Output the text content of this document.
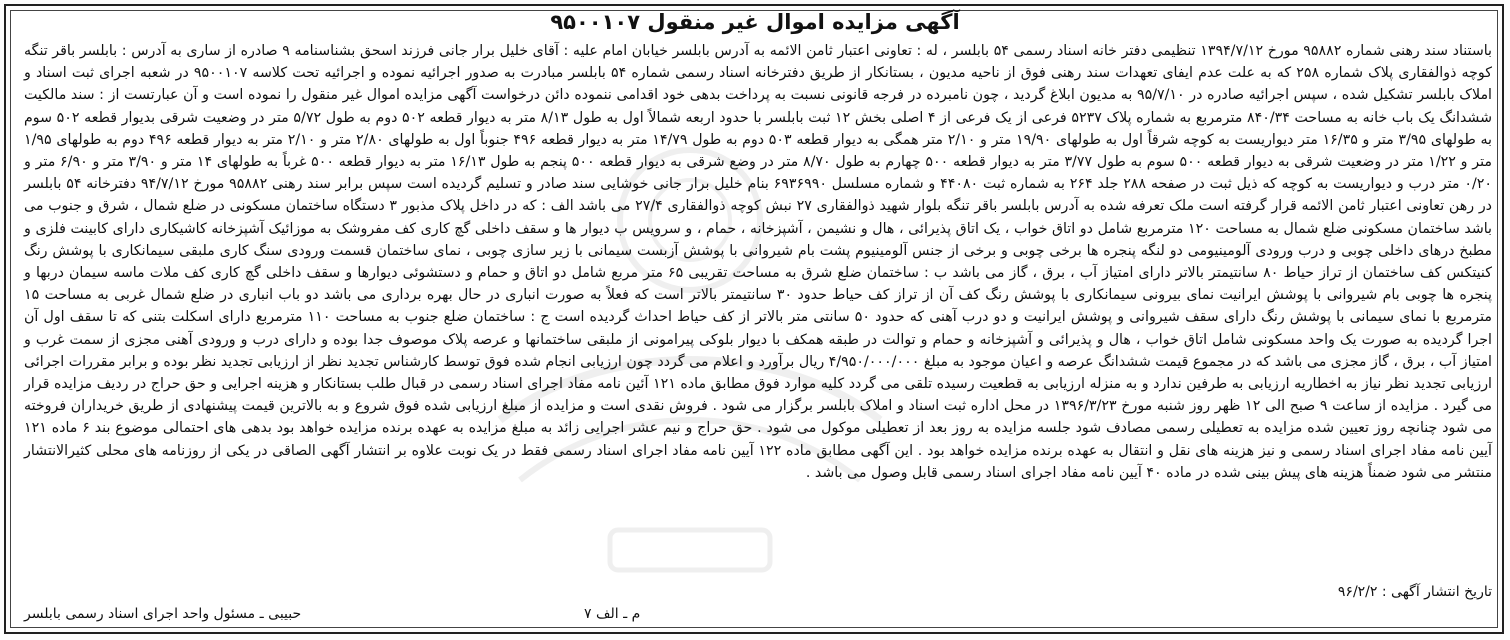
آگهی مزایده اموال غیر منقول ۹۵۰۰۱۰۷

باستناد سند رهنی شماره ۹۵۸۸۲ مورخ ۱۳۹۴/۷/۱۲ تنظیمی دفتر خانه اسناد رسمی ۵۴ بابلسر ، له : تعاونی اعتبار ثامن الائمه به آدرس بابلسر خیابان امام علیه : آقای خلیل برار جانی فرزند اسحق بشناسنامه ۹ صادره از ساری به آدرس : بابلسر باقر تنگه کوچه ذوالفقاری پلاک شماره ۲۵۸ که به علت عدم ایفای تعهدات سند رهنی فوق از ناحیه مدیون ، بستانکار از طریق دفترخانه اسناد رسمی شماره ۵۴ بابلسر مبادرت به صدور اجرائیه نموده و اجرائیه تحت کلاسه ۹۵۰۰۱۰۷ در شعبه اجرای ثبت اسناد و املاک بابلسر تشکیل شده ، سپس اجرائیه صادره در ۹۵/۷/۱۰ به مدیون ابلاغ گردید ، چون نامبرده در فرجه قانونی نسبت به پرداخت بدهی خود اقدامی ننموده دائن درخواست آگهی مزایده اموال غیر منقول را نموده است و آن عبارتست از : سند مالکیت ششدانگ یک باب خانه به مساحت ۸۴۰/۳۴ مترمربع به شماره پلاک ۵۲۳۷ فرعی از یک فرعی از ۴ اصلی بخش ۱۲ ثبت بابلسر با حدود اربعه شمالاً اول به طول ۸/۱۳ متر به دیوار قطعه ۵۰۲ دوم به طول ۵/۷۲ متر در وضعیت شرقی بدیوار قطعه ۵۰۲ سوم به طولهای ۳/۹۵ متر و ۱۶/۳۵ متر دیواریست به کوچه شرقاً اول به طولهای ۱۹/۹۰ متر و ۲/۱۰ متر همگی به دیوار قطعه ۵۰۳ دوم به طول ۱۴/۷۹ متر به دیوار قطعه ۴۹۶ جنوباً اول به طولهای ۲/۸۰ متر و ۲/۱۰ متر به دیوار قطعه ۴۹۶ دوم به طولهای ۱/۹۵ متر و ۱/۲۲ متر در وضعیت شرقی به دیوار قطعه ۵۰۰ سوم به طول ۳/۷۷ متر به دیوار قطعه ۵۰۰ چهارم به طول ۸/۷۰ متر در وضع شرقی به دیوار قطعه ۵۰۰ پنجم به طول ۱۶/۱۳ متر به دیوار قطعه ۵۰۰ غرباً به طولهای ۱۴ متر و ۳/۹۰ متر و ۶/۹۰ متر و ۰/۲۰ متر درب و دیواریست به کوچه که ذیل ثبت در صفحه ۲۸۸ جلد ۲۶۴ به شماره ثبت ۴۴۰۸۰ و شماره مسلسل ۶۹۳۶۹۹۰ بنام خلیل برار جانی خوشایی سند صادر و تسلیم گردیده است سپس برابر سند رهنی ۹۵۸۸۲ مورخ ۹۴/۷/۱۲ دفترخانه ۵۴ بابلسر در رهن تعاونی اعتبار ثامن الائمه قرار گرفته است ملک تعرفه شده به آدرس بابلسر باقر تنگه بلوار شهید ذوالفقاری ۲۷ نبش کوچه ذوالفقاری ۲۷/۴ می باشد الف : که در داخل پلاک مذبور ۳ دستگاه ساختمان مسکونی در ضلع شمال ، شرق و جنوب می باشد ساختمان مسکونی ضلع شمال به مساحت ۱۲۰ مترمربع شامل دو اتاق خواب ، یک اتاق پذیرائی ، هال و نشیمن ، آشپزخانه ، حمام ، و سرویس ب دیوار ها و سقف داخلی گچ کاری کف مفروشک به موزائیک آشپزخانه کاشیکاری دارای کابینت فلزی و مطبخ درهای داخلی چوبی و درب ورودی آلومینیومی دو لنگه پنجره ها برخی چوبی و برخی از جنس آلومینیوم پشت بام شیروانی با پوشش آزبست سیمانی با زیر سازی چوبی ، نمای ساختمان قسمت ورودی سنگ کاری ملبقی سیمانکاری با پوشش رنگ کنیتکس کف ساختمان از تراز حیاط ۸۰ سانتیمتر بالاتر دارای امتیاز آب ، برق ، گاز می باشد ب : ساختمان ضلع شرق به مساحت تقریبی ۶۵ متر مربع شامل دو اتاق و حمام و دستشوئی دیوارها و سقف داخلی گچ کاری کف ملات ماسه سیمان دربها و پنجره ها چوبی بام شیروانی با پوشش ایرانیت نمای بیرونی سیمانکاری با پوشش رنگ کف آن از تراز کف حیاط حدود ۳۰ سانتیمتر بالاتر است که فعلاً به صورت انباری در حال بهره برداری می باشد دو باب انباری در ضلع شمال غربی به مساحت ۱۵ مترمربع با نمای سیمانی با پوشش رنگ دارای سقف شیروانی و پوشش ایرانیت و دو درب آهنی که حدود ۵۰ سانتی متر بالاتر از کف حیاط احداث گردیده است ج : ساختمان ضلع جنوب به مساحت ۱۱۰ مترمربع دارای اسکلت بتنی که تا سقف اول آن اجرا گردیده به صورت یک واحد مسکونی شامل اتاق خواب ، هال و پذیرائی و آشپزخانه و حمام و توالت در طبقه همکف با دیوار بلوکی پیرامونی از ملبقی ساختمانها و عرصه پلاک موصوف جدا بوده و دارای درب و ورودی آهنی مجزی از سمت غرب و امتیاز آب ، برق ، گاز مجزی می باشد که در مجموع قیمت ششدانگ عرصه و اعیان موجود به مبلغ ۴/۹۵۰/۰۰۰/۰۰۰ ریال برآورد و اعلام می گردد چون ارزیابی انجام شده فوق توسط کارشناس تجدید نظر از ارزیابی تجدید نظر بوده و برابر مقررات اجرائی ارزیابی تجدید نظر نیاز به اخطاریه ارزیابی به طرفین ندارد و به منزله ارزیابی به قطعیت رسیده تلقی می گردد کلیه موارد فوق مطابق ماده ۱۲۱ آئین نامه مفاد اجرای اسناد رسمی در قبال طلب بستانکار و هزینه اجرایی و حق حراج در ردیف مزایده قرار می گیرد . مزایده از ساعت ۹ صبح الی ۱۲ ظهر روز شنبه مورخ ۱۳۹۶/۳/۲۳ در محل اداره ثبت اسناد و املاک بابلسر برگزار می شود . فروش نقدی است و مزایده از مبلغ ارزیابی شده فوق شروع و به بالاترین قیمت پیشنهادی از طریق خریداران فروخته می شود چنانچه روز تعیین شده مزایده به تعطیلی رسمی مصادف شود جلسه مزایده به روز بعد از تعطیلی موکول می شود . حق حراج و نیم عشر اجرایی زائد به مبلغ مزایده به عهده برنده مزایده خواهد بود بدهی های احتمالی موضوع بند ۶ ماده ۱۲۱ آیین نامه مفاد اجرای اسناد رسمی و نیز هزینه های نقل و انتقال به عهده برنده مزایده خواهد بود . این آگهی مطابق ماده ۱۲۲ آیین نامه مفاد اجرای اسناد رسمی فقط در یک نوبت علاوه بر انتشار آگهی الصاقی در یکی از روزنامه های محلی کثیرالانتشار منتشر می شود ضمناً هزینه های پیش بینی شده در ماده ۴۰ آیین نامه مفاد اجرای اسناد رسمی قابل وصول می باشد .

تاریخ انتشار آگهی : ۹۶/۲/۲
م ـ الف ۷
حبیبی ـ مسئول واحد اجرای اسناد رسمی بابلسر
